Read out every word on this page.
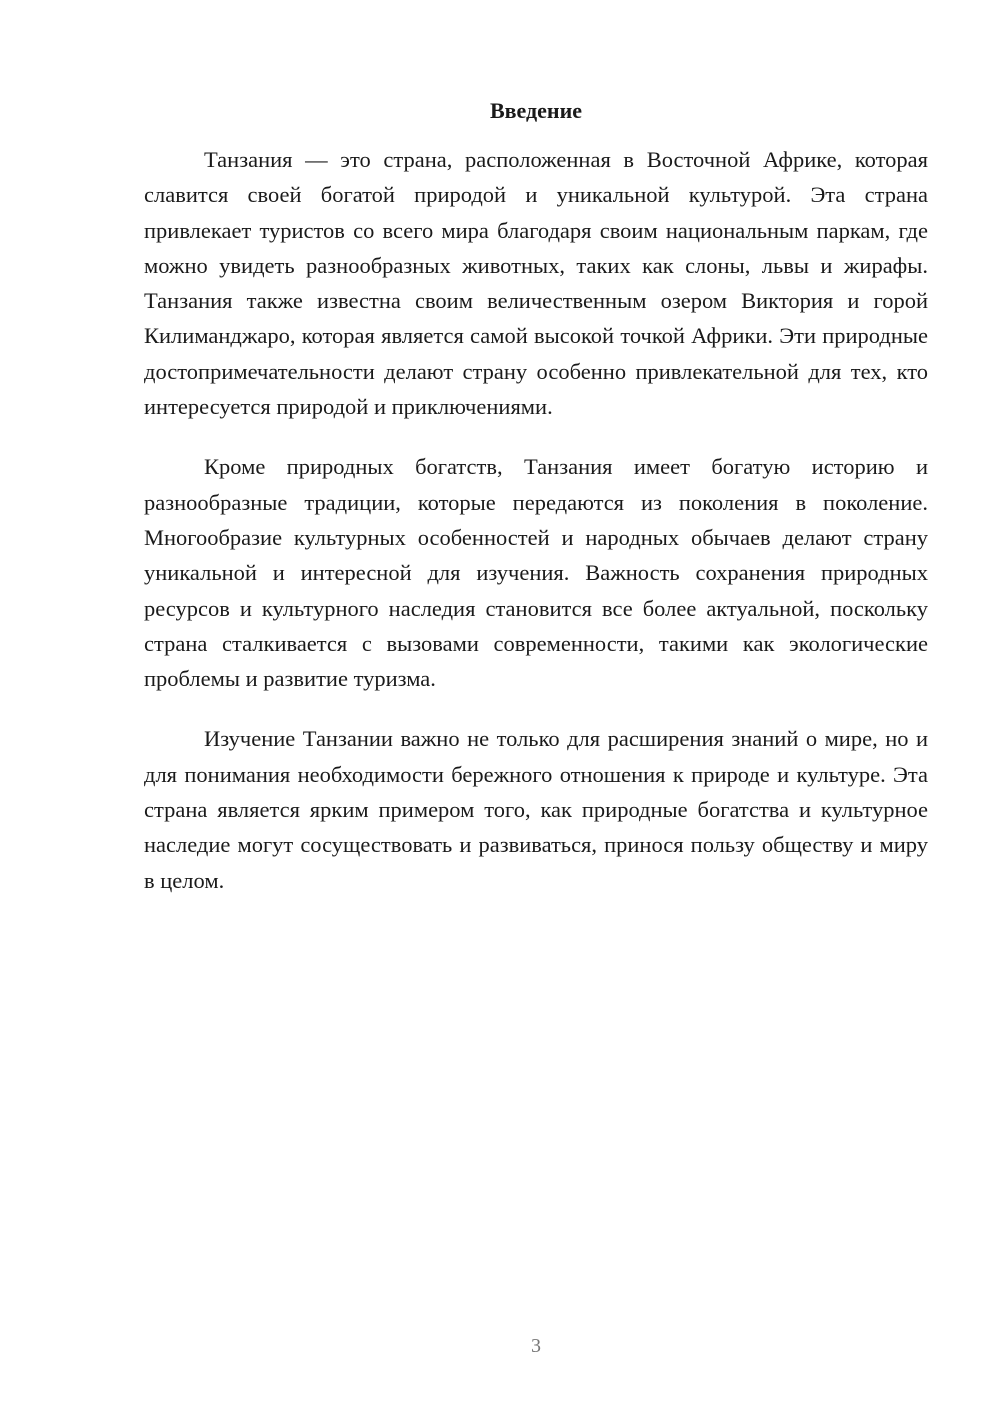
Введение

Танзания — это страна, расположенная в Восточной Африке, которая славится своей богатой природой и уникальной культурой. Эта страна привлекает туристов со всего мира благодаря своим национальным паркам, где можно увидеть разнообразных животных, таких как слоны, львы и жирафы. Танзания также известна своим величественным озером Виктория и горой Килиманджаро, которая является самой высокой точкой Африки. Эти природные достопримечательности делают страну особенно привлекательной для тех, кто интересуется природой и приключениями.

Кроме природных богатств, Танзания имеет богатую историю и разнообразные традиции, которые передаются из поколения в поколение. Многообразие культурных особенностей и народных обычаев делают страну уникальной и интересной для изучения. Важность сохранения природных ресурсов и культурного наследия становится все более актуальной, поскольку страна сталкивается с вызовами современности, такими как экологические проблемы и развитие туризма.

Изучение Танзании важно не только для расширения знаний о мире, но и для понимания необходимости бережного отношения к природе и культуре. Эта страна является ярким примером того, как природные богатства и культурное наследие могут сосуществовать и развиваться, принося пользу обществу и миру в целом.

3
